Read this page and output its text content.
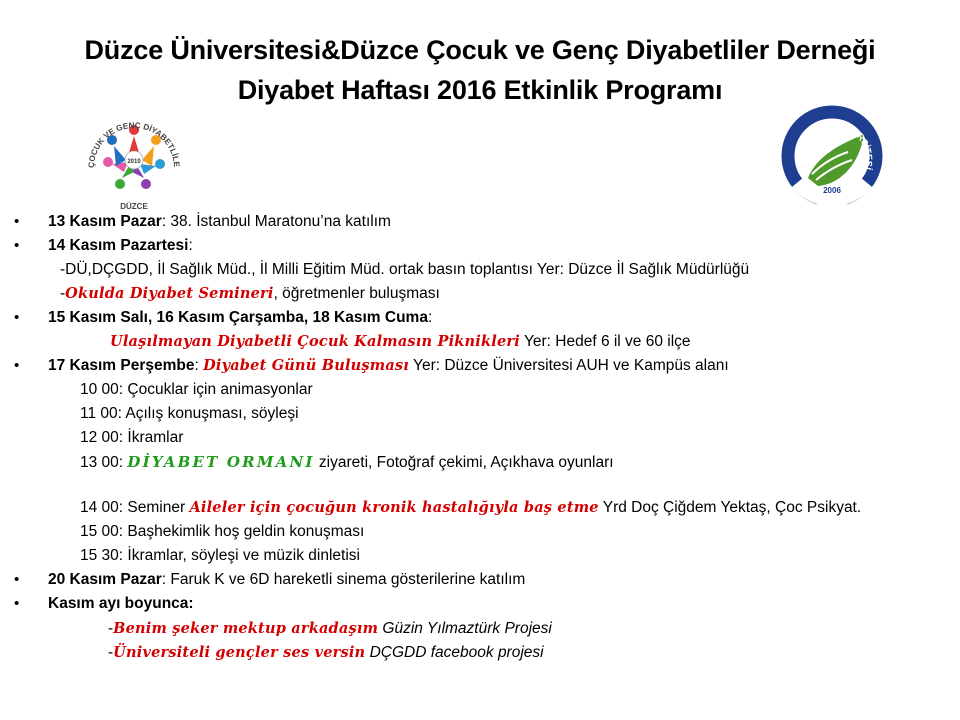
Düzce Üniversitesi&Düzce Çocuk ve Genç Diyabetliler Derneği
Diyabet Haftası 2016 Etkinlik Programı
2010
ÇOCUK VE GENÇ DİYABETLİLE
DÜZCE
DÜZCE ÜNİVERSİTESİ
2006
• 13 Kasım Pazar: 38. İstanbul Maratonu’na katılım
• 14 Kasım Pazartesi:
-DÜ,DÇGDD, İl Sağlık Müd., İl Milli Eğitim Müd. ortak basın toplantısı Yer: Düzce İl Sağlık Müdürlüğü
-Okulda Diyabet Semineri, öğretmenler buluşması
• 15 Kasım Salı, 16 Kasım Çarşamba, 18 Kasım Cuma:
Ulaşılmayan Diyabetli Çocuk Kalmasın Piknikleri Yer: Hedef 6 il ve 60 ilçe
• 17 Kasım Perşembe: Diyabet Günü Buluşması Yer: Düzce Üniversitesi AUH ve Kampüs alanı
10 00: Çocuklar için animasyonlar
11 00: Açılış konuşması, söyleşi
12 00: İkramlar
13 00: DİYABET ORMANI ziyareti, Fotoğraf çekimi, Açıkhava oyunları
14 00: Seminer Aileler için çocuğun kronik hastalığıyla baş etme Yrd Doç Çiğdem Yektaş, Çoc Psikyat.
15 00: Başhekimlik hoş geldin konuşması
15 30: İkramlar, söyleşi ve müzik dinletisi
• 20 Kasım Pazar: Faruk K ve 6D hareketli sinema gösterilerine katılım
• Kasım ayı boyunca:
-Benim şeker mektup arkadaşım Güzin Yılmaztürk Projesi
-Üniversiteli gençler ses versin DÇGDD facebook projesi
